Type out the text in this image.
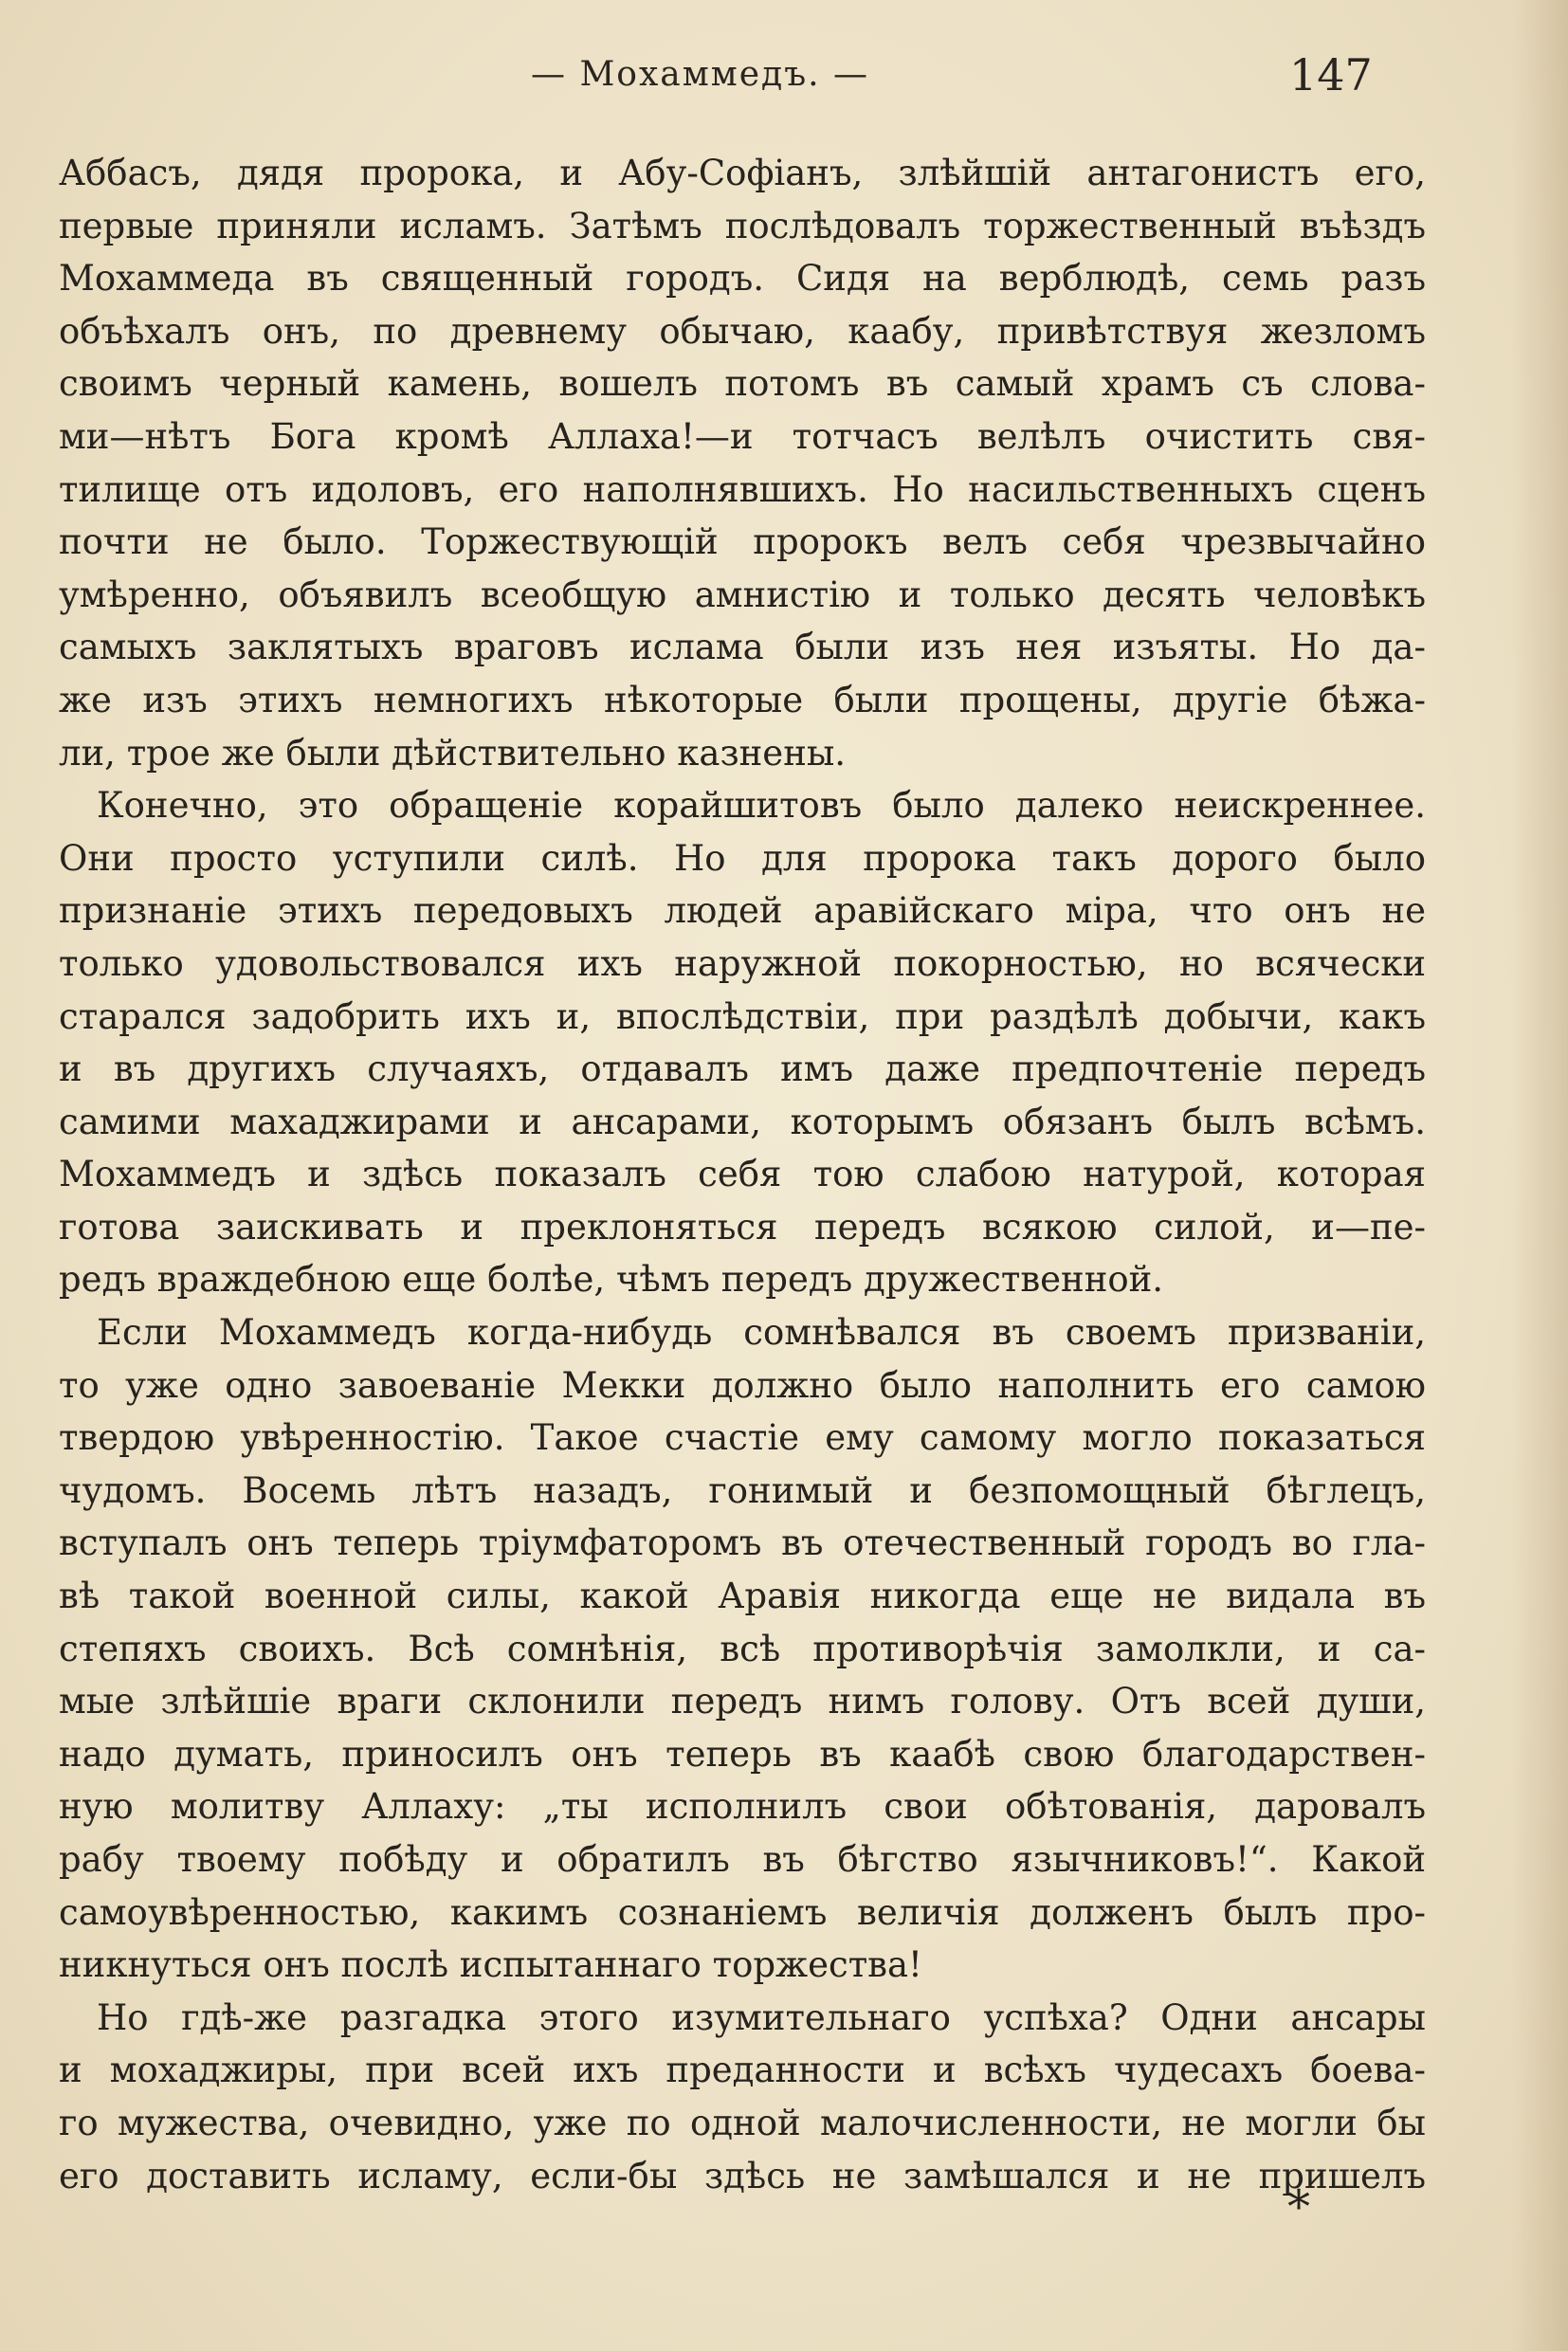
— Мохаммедъ. —	147
Аббасъ, дядя пророка, и Абу-Софіанъ, злѣйшій антагонистъ его,
первые приняли исламъ. Затѣмъ послѣдовалъ торжественный въѣздъ
Мохаммеда въ священный городъ. Сидя на верблюдѣ, семь разъ
объѣхалъ онъ, по древнему обычаю, каабу, привѣтствуя жезломъ
своимъ черный камень, вошелъ потомъ въ самый храмъ съ слова-
ми—нѣтъ Бога кромѣ Аллаха!—и тотчасъ велѣлъ очистить свя-
тилище отъ идоловъ, его наполнявшихъ. Но насильственныхъ сценъ
почти не было. Торжествующій пророкъ велъ себя чрезвычайно
умѣренно, объявилъ всеобщую амнистію и только десять человѣкъ
самыхъ заклятыхъ враговъ ислама были изъ нея изъяты. Но да-
же изъ этихъ немногихъ нѣкоторые были прощены, другіе бѣжа-
ли, трое же были дѣйствительно казнены.
Конечно, это обращеніе корайшитовъ было далеко неискреннее.
Они просто уступили силѣ. Но для пророка такъ дорого было
признаніе этихъ передовыхъ людей аравійскаго міра, что онъ не
только удовольствовался ихъ наружной покорностью, но всячески
старался задобрить ихъ и, впослѣдствіи, при раздѣлѣ добычи, какъ
и въ другихъ случаяхъ, отдавалъ имъ даже предпочтеніе передъ
самими махаджирами и ансарами, которымъ обязанъ былъ всѣмъ.
Мохаммедъ и здѣсь показалъ себя тою слабою натурой, которая
готова заискивать и преклоняться передъ всякою силой, и—пе-
редъ враждебною еще болѣе, чѣмъ передъ дружественной.
Если Мохаммедъ когда-нибудь сомнѣвался въ своемъ призваніи,
то уже одно завоеваніе Мекки должно было наполнить его самою
твердою увѣренностію. Такое счастіе ему самому могло показаться
чудомъ. Восемь лѣтъ назадъ, гонимый и безпомощный бѣглецъ,
вступалъ онъ теперь тріумфаторомъ въ отечественный городъ во гла-
вѣ такой военной силы, какой Аравія никогда еще не видала въ
степяхъ своихъ. Всѣ сомнѣнія, всѣ противорѣчія замолкли, и са-
мые злѣйшіе враги склонили передъ нимъ голову. Отъ всей души,
надо думать, приносилъ онъ теперь въ каабѣ свою благодарствен-
ную молитву Аллаху: „ты исполнилъ свои обѣтованія, даровалъ
рабу твоему побѣду и обратилъ въ бѣгство язычниковъ!“. Какой
самоувѣренностью, какимъ сознаніемъ величія долженъ былъ про-
никнуться онъ послѣ испытаннаго торжества!
Но гдѣ-же разгадка этого изумительнаго успѣха? Одни ансары
и мохаджиры, при всей ихъ преданности и всѣхъ чудесахъ боева-
го мужества, очевидно, уже по одной малочисленности, не могли бы
его доставить исламу, если-бы здѣсь не замѣшался и не пришелъ
*
